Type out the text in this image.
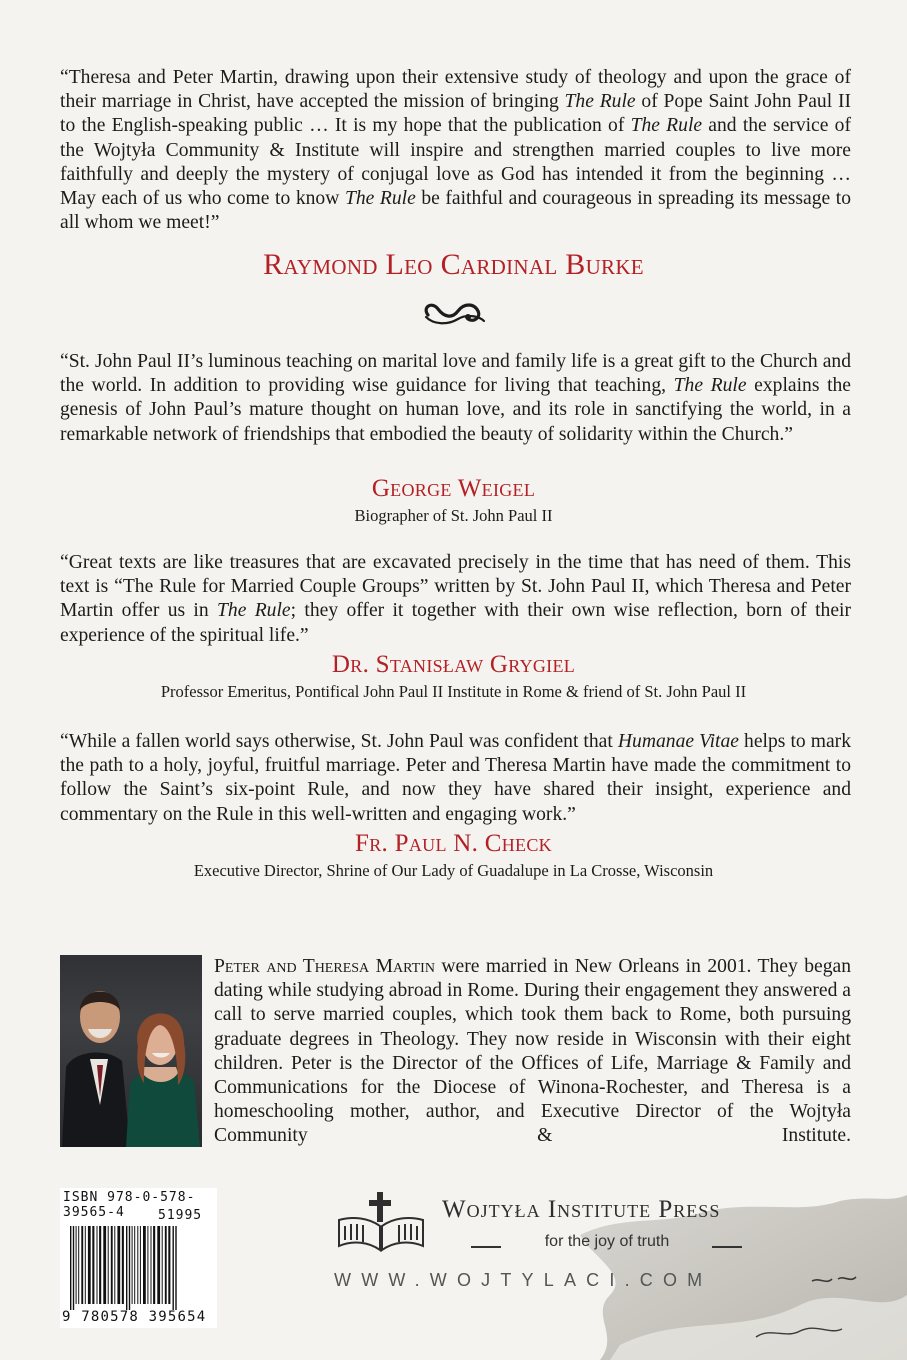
“Theresa and Peter Martin, drawing upon their extensive study of theology and upon the grace of their marriage in Christ, have accepted the mission of bringing The Rule of Pope Saint John Paul II to the English-speaking public … It is my hope that the publication of The Rule and the service of the Wojtyła Community & Institute will inspire and strengthen married couples to live more faithfully and deeply the mystery of conjugal love as God has intended it from the beginning … May each of us who come to know The Rule be faithful and courageous in spreading its message to all whom we meet!”

Raymond Leo Cardinal Burke

“St. John Paul II’s luminous teaching on marital love and family life is a great gift to the Church and the world. In addition to providing wise guidance for living that teaching, The Rule explains the genesis of John Paul’s mature thought on human love, and its role in sanctifying the world, in a remarkable network of friendships that embodied the beauty of solidarity within the Church.”

George Weigel

Biographer of St. John Paul II

“Great texts are like treasures that are excavated precisely in the time that has need of them. This text is “The Rule for Married Couple Groups” written by St. John Paul II, which Theresa and Peter Martin offer us in The Rule; they offer it together with their own wise reflection, born of their experience of the spiritual life.”

Dr. Stanisław Grygiel

Professor Emeritus, Pontifical John Paul II Institute in Rome & friend of St. John Paul II

“While a fallen world says otherwise, St. John Paul was confident that Humanae Vitae helps to mark the path to a holy, joyful, fruitful marriage. Peter and Theresa Martin have made the commitment to follow the Saint’s six-point Rule, and now they have shared their insight, experience and commentary on the Rule in this well-written and engaging work.”

Fr. Paul N. Check

Executive Director, Shrine of Our Lady of Guadalupe in La Crosse, Wisconsin

Peter and Theresa Martin were married in New Orleans in 2001. They began dating while studying abroad in Rome. During their engagement they answered a call to serve married couples, which took them back to Rome, both pursuing graduate degrees in Theology. They now reside in Wisconsin with their eight children. Peter is the Director of the Offices of Life, Marriage & Family and Communications for the Diocese of Winona-Rochester, and Theresa is a homeschooling mother, author, and Executive Director of the Wojtyła Community & Institute.

ISBN 978-0-578-39565-4	51995
9 780578 395654

Wojtyła Institute Press

for the joy of truth

WWW.WOJTYLACI.COM
